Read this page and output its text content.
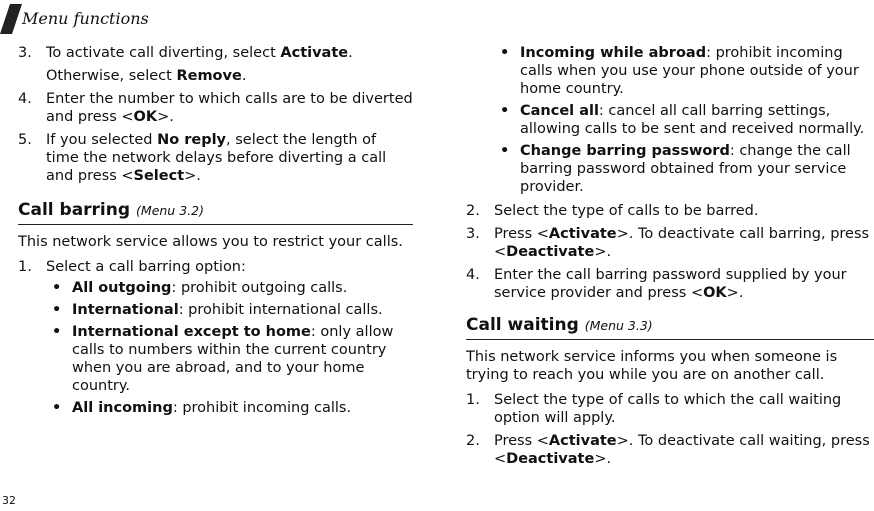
Menu functions
3. To activate call diverting, select Activate.
Otherwise, select Remove.
4. Enter the number to which calls are to be diverted and press <OK>.
5. If you selected No reply, select the length of time the network delays before diverting a call and press <Select>.
Call barring (Menu 3.2)
This network service allows you to restrict your calls.
1. Select a call barring option:
• All outgoing: prohibit outgoing calls.
• International: prohibit international calls.
• International except to home: only allow calls to numbers within the current country when you are abroad, and to your home country.
• All incoming: prohibit incoming calls.
• Incoming while abroad: prohibit incoming calls when you use your phone outside of your home country.
• Cancel all: cancel all call barring settings, allowing calls to be sent and received normally.
• Change barring password: change the call barring password obtained from your service provider.
2. Select the type of calls to be barred.
3. Press <Activate>. To deactivate call barring, press <Deactivate>.
4. Enter the call barring password supplied by your service provider and press <OK>.
Call waiting (Menu 3.3)
This network service informs you when someone is trying to reach you while you are on another call.
1. Select the type of calls to which the call waiting option will apply.
2. Press <Activate>. To deactivate call waiting, press <Deactivate>.
32
